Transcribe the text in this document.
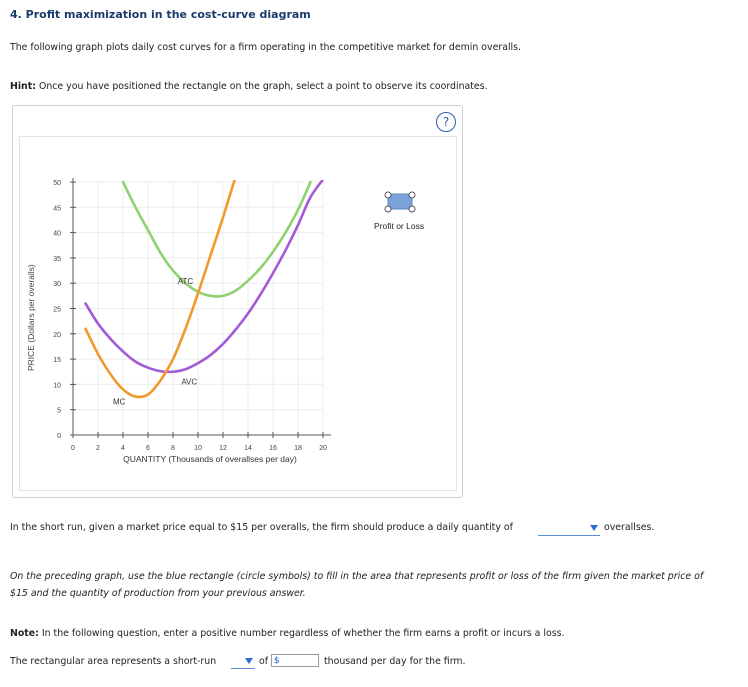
4. Profit maximization in the cost-curve diagram
The following graph plots daily cost curves for a firm operating in the competitive market for demin overalls.
Hint: Once you have positioned the rectangle on the graph, select a point to observe its coordinates.
?
0
5
10
15
20
25
30
35
40
45
50
0	2	4	6	8	10 12 14 16 18 20
QUANTITY (Thousands of overallses per day)
ATC
AVC
MC
PRICE (Dollars per overalls)
Profit or Loss
In the short run, given a market price equal to $15 per overalls, the firm should produce a daily quantity of	overallses.
On the preceding graph, use the blue rectangle (circle symbols) to fill in the area that represents profit or loss of the firm given the market price of
$15 and the quantity of production from your previous answer.
Note: In the following question, enter a positive number regardless of whether the firm earns a profit or incurs a loss.
The rectangular area represents a short-run	of $	thousand per day for the firm.
